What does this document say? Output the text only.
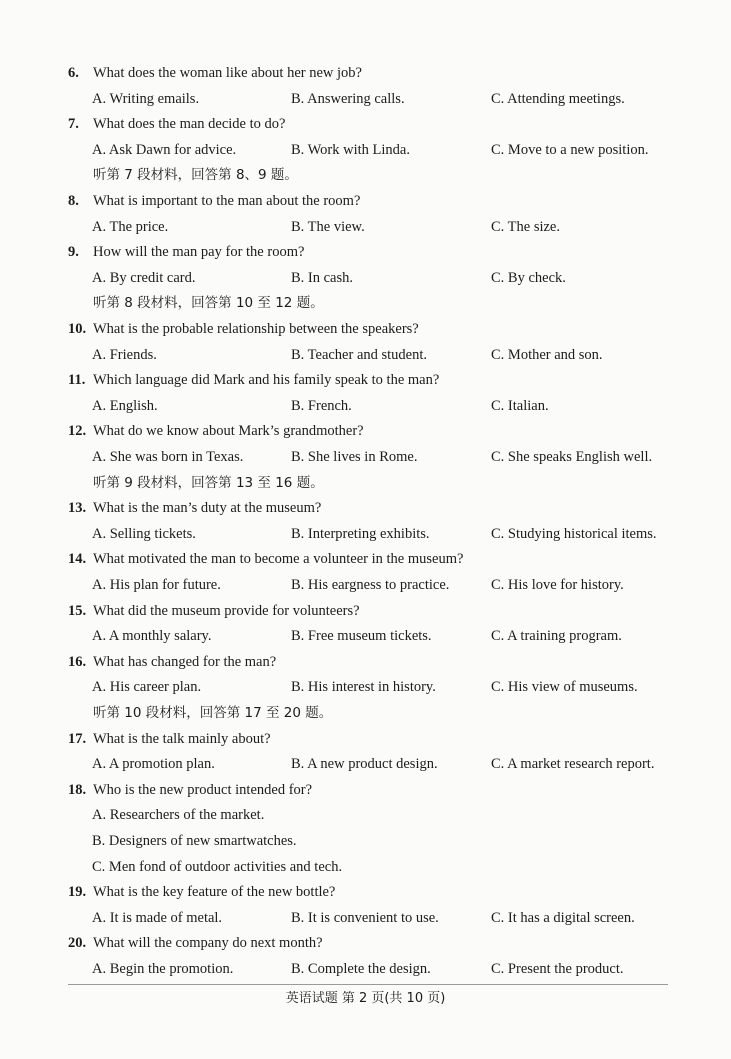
6. What does the woman like about her new job?
A. Writing emails.	B. Answering calls.	C. Attending meetings.
7. What does the man decide to do?
A. Ask Dawn for advice.	B. Work with Linda.	C. Move to a new position.
听第 7 段材料，回答第 8、9 题。
8. What is important to the man about the room?
A. The price.	B. The view.	C. The size.
9. How will the man pay for the room?
A. By credit card.	B. In cash.	C. By check.
听第 8 段材料，回答第 10 至 12 题。
10. What is the probable relationship between the speakers?
A. Friends.	B. Teacher and student.	C. Mother and son.
11. Which language did Mark and his family speak to the man?
A. English.	B. French.	C. Italian.
12. What do we know about Mark’s grandmother?
A. She was born in Texas.	B. She lives in Rome.	C. She speaks English well.
听第 9 段材料，回答第 13 至 16 题。
13. What is the man’s duty at the museum?
A. Selling tickets.	B. Interpreting exhibits.	C. Studying historical items.
14. What motivated the man to become a volunteer in the museum?
A. His plan for future.	B. His eargness to practice.	C. His love for history.
15. What did the museum provide for volunteers?
A. A monthly salary.	B. Free museum tickets.	C. A training program.
16. What has changed for the man?
A. His career plan.	B. His interest in history.	C. His view of museums.
听第 10 段材料，回答第 17 至 20 题。
17. What is the talk mainly about?
A. A promotion plan.	B. A new product design.	C. A market research report.
18. Who is the new product intended for?
A. Researchers of the market.
B. Designers of new smartwatches.
C. Men fond of outdoor activities and tech.
19. What is the key feature of the new bottle?
A. It is made of metal.	B. It is convenient to use.	C. It has a digital screen.
20. What will the company do next month?
A. Begin the promotion.	B. Complete the design.	C. Present the product.
英语试题 第 2 页(共 10 页)
